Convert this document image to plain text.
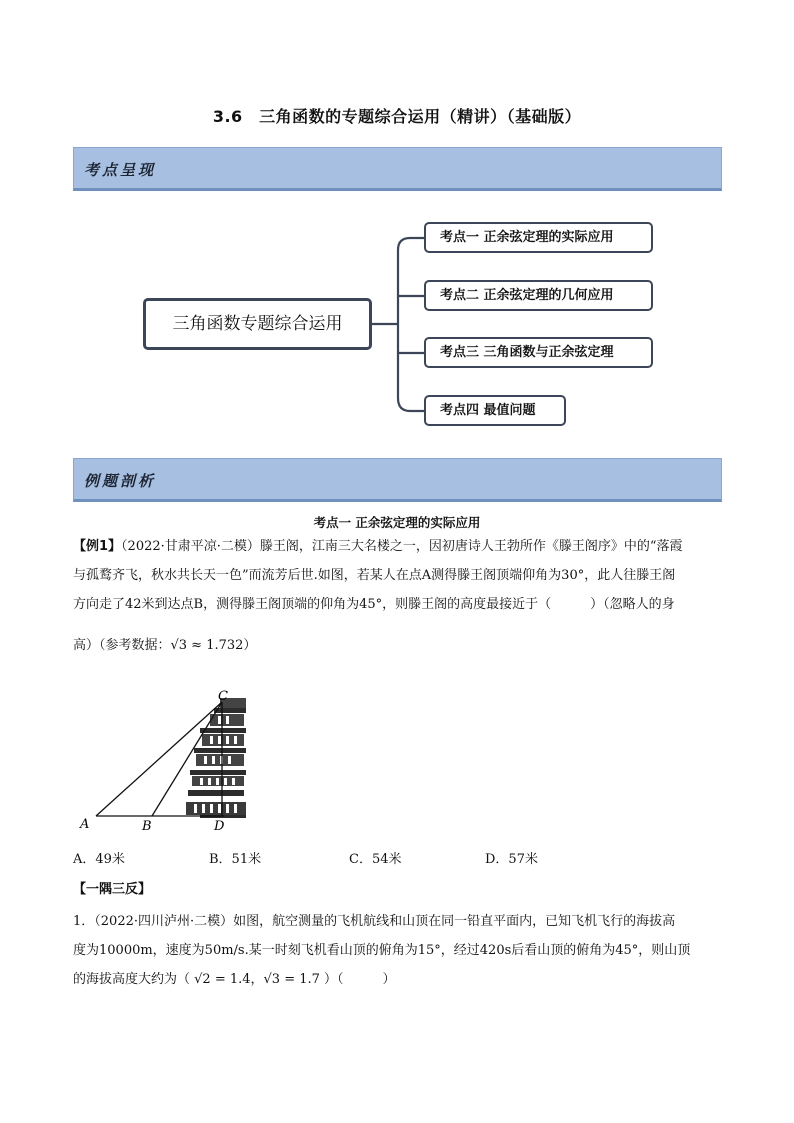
3.6　三角函数的专题综合运用（精讲）（基础版）
考点呈现
三角函数专题综合运用
考点一 正余弦定理的实际应用
考点二 正余弦定理的几何应用
考点三 三角函数与正余弦定理
考点四 最值问题
例题剖析
考点一 正余弦定理的实际应用
【例1】（2022·甘肃平凉·二模）滕王阁，江南三大名楼之一，因初唐诗人王勃所作《滕王阁序》中的“落霞
与孤鹜齐飞，秋水共长天一色”而流芳后世.如图，若某人在点A测得滕王阁顶端仰角为30°，此人往滕王阁
方向走了42米到达点B，测得滕王阁顶端的仰角为45°，则滕王阁的高度最接近于（　　　）（忽略人的身
高）（参考数据：√3 ≈ 1.732）
C
A	B	D
A．49米	B．51米	C．54米	D．57米
【一隅三反】
1．（2022·四川泸州·二模）如图，航空测量的飞机航线和山顶在同一铅直平面内，已知飞机飞行的海拔高
度为10000m，速度为50m/s.某一时刻飞机看山顶的俯角为15°，经过420s后看山顶的俯角为45°，则山顶
的海拔高度大约为（ √2 = 1.4，√3 = 1.7 ）（　　　）
